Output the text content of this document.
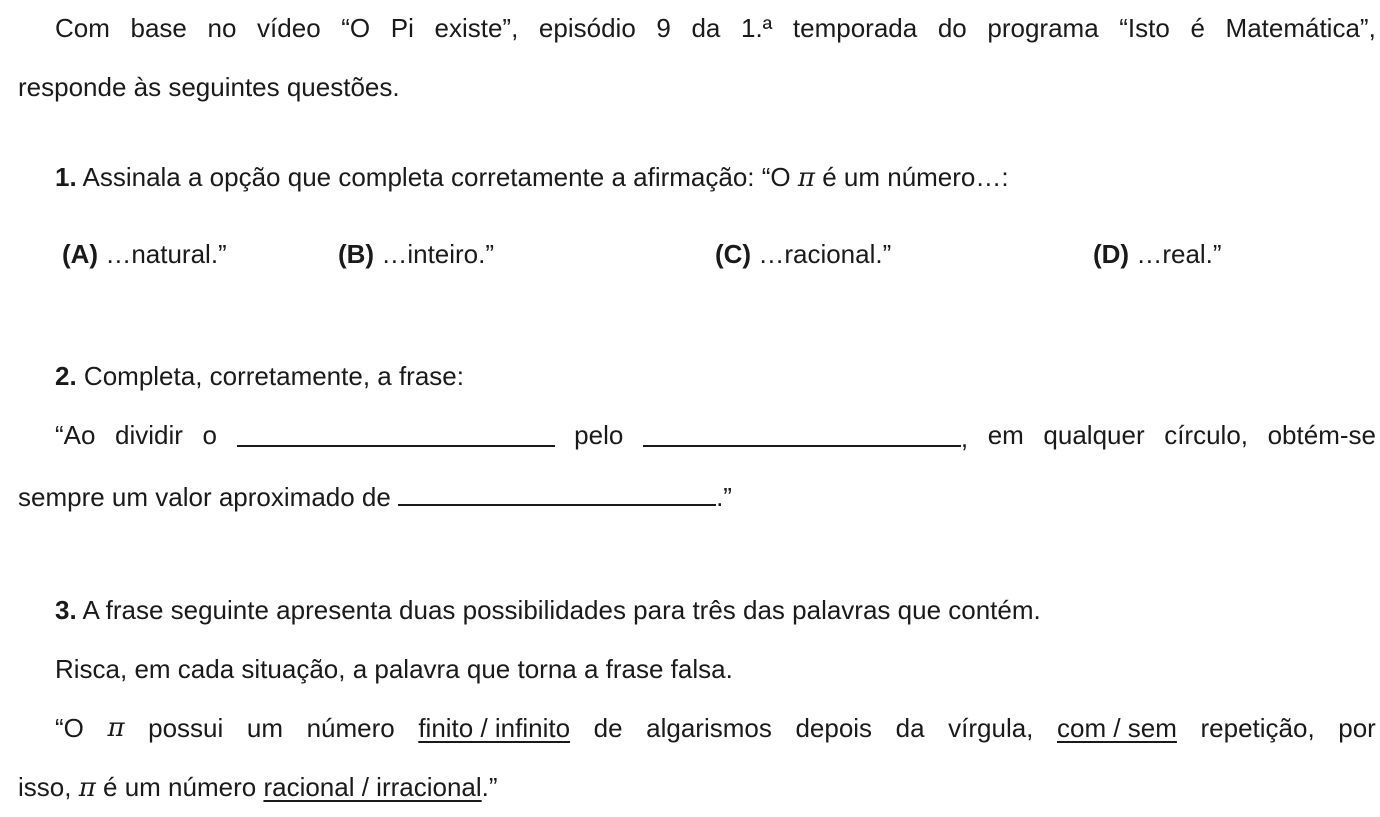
Com base no vídeo “O Pi existe”, episódio 9 da 1.ª temporada do programa “Isto é Matemática”,
responde às seguintes questões.
1. Assinala a opção que completa corretamente a afirmação: “O π é um número…:
(A) …natural.”	(B) …inteiro.”	(C) …racional.”	(D) …real.”
2. Completa, corretamente, a frase:
“Ao dividir o	pelo	, em qualquer círculo, obtém-se
sempre um valor aproximado de	.”
3. A frase seguinte apresenta duas possibilidades para três das palavras que contém.
Risca, em cada situação, a palavra que torna a frase falsa.
“O π possui um número finito / infinito de algarismos depois da vírgula, com / sem repetição, por
isso, π é um número racional / irracional.”
